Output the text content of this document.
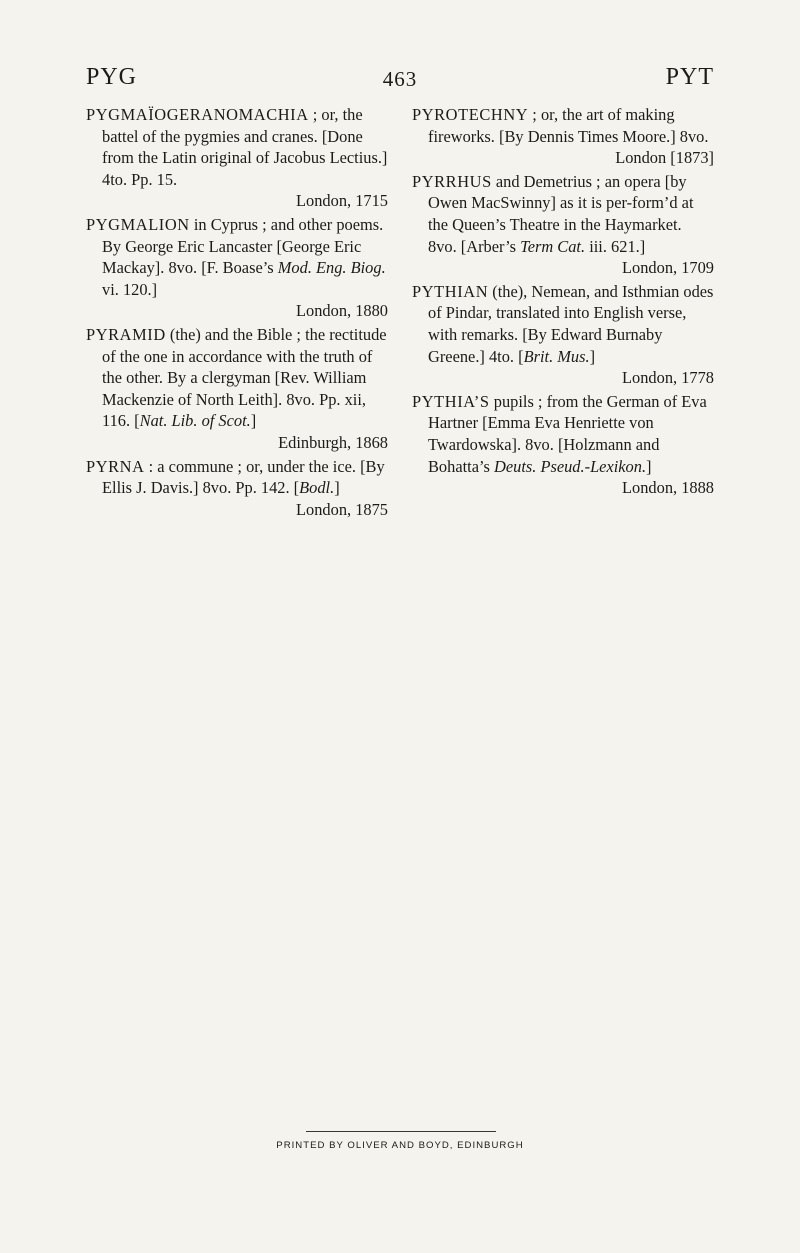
PYG	463	PYT

PYGMAÏOGERANOMACHIA ; or, the battel of the pygmies and cranes. [Done from the Latin original of Jacobus Lectius.] 4to. Pp. 15.
London, 1715

PYGMALION in Cyprus ; and other poems. By George Eric Lancaster [George Eric Mackay]. 8vo. [F. Boase’s Mod. Eng. Biog. vi. 120.]
London, 1880

PYRAMID (the) and the Bible ; the rectitude of the one in accordance with the truth of the other. By a clergyman [Rev. William Mackenzie of North Leith]. 8vo. Pp. xii, 116. [Nat. Lib. of Scot.]
Edinburgh, 1868

PYRNA : a commune ; or, under the ice. [By Ellis J. Davis.] 8vo. Pp. 142. [Bodl.]
London, 1875

PYROTECHNY ; or, the art of making fireworks. [By Dennis Times Moore.] 8vo.
London [1873]

PYRRHUS and Demetrius ; an opera [by Owen MacSwinny] as it is per-form’d at the Queen’s Theatre in the Haymarket. 8vo. [Arber’s Term Cat. iii. 621.]
London, 1709

PYTHIAN (the), Nemean, and Isthmian odes of Pindar, translated into English verse, with remarks. [By Edward Burnaby Greene.] 4to. [Brit. Mus.]
London, 1778

PYTHIA’S pupils ; from the German of Eva Hartner [Emma Eva Henriette von Twardowska]. 8vo. [Holzmann and Bohatta’s Deuts. Pseud.-Lexikon.]
London, 1888

PRINTED BY OLIVER AND BOYD, EDINBURGH
